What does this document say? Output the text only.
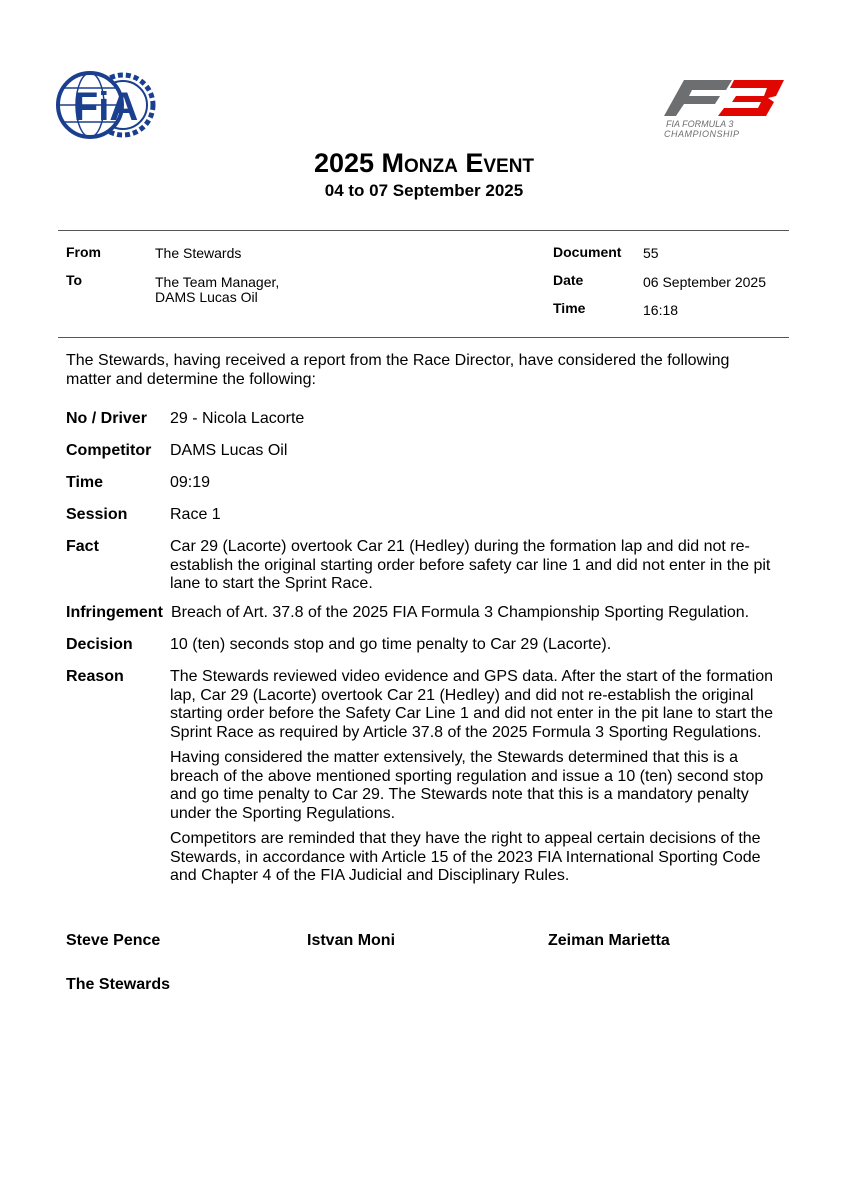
FiA	FIA FORMULA 3
CHAMPIONSHIP
2025 Monza Event
04 to 07 September 2025
From	The Stewards
To	The Team Manager,
DAMS Lucas Oil
Document 55
Date	06 September 2025
Time	16:18
The Stewards, having received a report from the Race Director, have considered the following matter and determine the following:
No / Driver 29 - Nicola Lacorte
Competitor DAMS Lucas Oil
Time	09:19
Session	Race 1
Fact	Car 29 (Lacorte) overtook Car 21 (Hedley) during the formation lap and did not re-establish the original starting order before safety car line 1 and did not enter in the pit lane to start the Sprint Race.
Infringement Breach of Art. 37.8 of the 2025 FIA Formula 3 Championship Sporting Regulation.
Decision 10 (ten) seconds stop and go time penalty to Car 29 (Lacorte).
Reason	The Stewards reviewed video evidence and GPS data. After the start of the formation lap, Car 29 (Lacorte) overtook Car 21 (Hedley) and did not re-establish the original starting order before the Safety Car Line 1 and did not enter in the pit lane to start the Sprint Race as required by Article 37.8 of the 2025 Formula 3 Sporting Regulations.

Having considered the matter extensively, the Stewards determined that this is a breach of the above mentioned sporting regulation and issue a 10 (ten) second stop and go time penalty to Car 29. The Stewards note that this is a mandatory penalty under the Sporting Regulations.

Competitors are reminded that they have the right to appeal certain decisions of the Stewards, in accordance with Article 15 of the 2023 FIA International Sporting Code and Chapter 4 of the FIA Judicial and Disciplinary Rules.

Steve Pence	Istvan Moni	Zeiman Marietta
The Stewards
